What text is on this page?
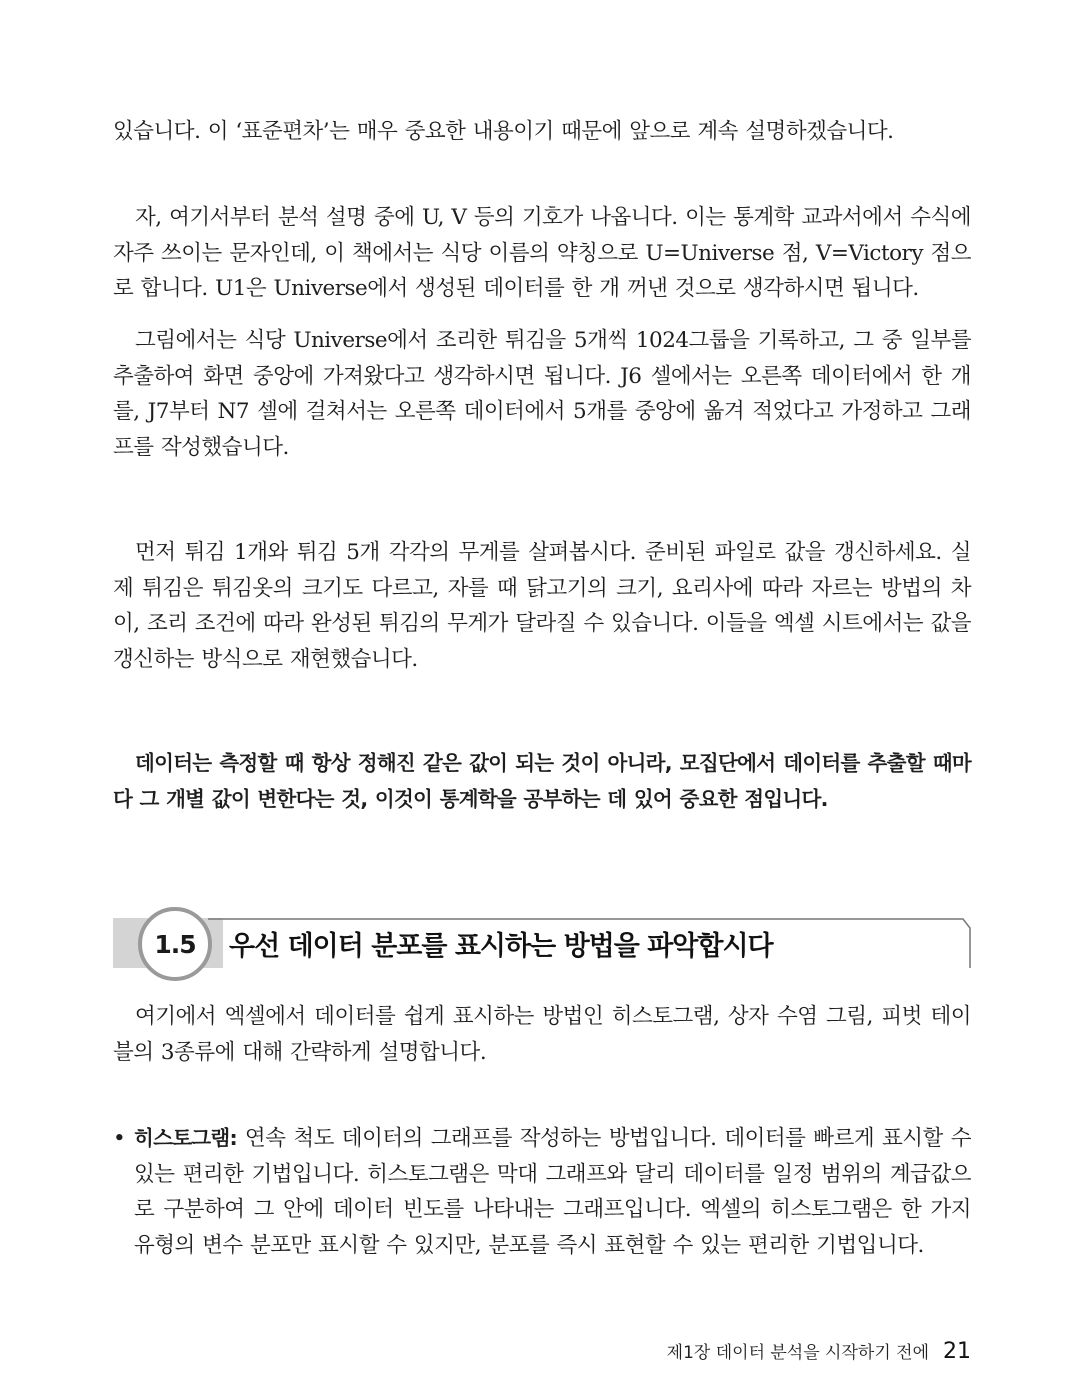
있습니다. 이 ‘표준편차’는 매우 중요한 내용이기 때문에 앞으로 계속 설명하겠습니다.

자, 여기서부터 분석 설명 중에 U, V 등의 기호가 나옵니다. 이는 통계학 교과서에서 수식에 자주 쓰이는 문자인데, 이 책에서는 식당 이름의 약칭으로 U=Universe 점, V=Victory 점으로 합니다. U1은 Universe에서 생성된 데이터를 한 개 꺼낸 것으로 생각하시면 됩니다.

그림에서는 식당 Universe에서 조리한 튀김을 5개씩 1024그룹을 기록하고, 그 중 일부를 추출하여 화면 중앙에 가져왔다고 생각하시면 됩니다. J6 셀에서는 오른쪽 데이터에서 한 개를, J7부터 N7 셀에 걸쳐서는 오른쪽 데이터에서 5개를 중앙에 옮겨 적었다고 가정하고 그래프를 작성했습니다.

먼저 튀김 1개와 튀김 5개 각각의 무게를 살펴봅시다. 준비된 파일로 값을 갱신하세요. 실제 튀김은 튀김옷의 크기도 다르고, 자를 때 닭고기의 크기, 요리사에 따라 자르는 방법의 차이, 조리 조건에 따라 완성된 튀김의 무게가 달라질 수 있습니다. 이들을 엑셀 시트에서는 값을 갱신하는 방식으로 재현했습니다.

데이터는 측정할 때 항상 정해진 같은 값이 되는 것이 아니라, 모집단에서 데이터를 추출할 때마다 그 개별 값이 변한다는 것, 이것이 통계학을 공부하는 데 있어 중요한 점입니다.

1.5 우선 데이터 분포를 표시하는 방법을 파악합시다

여기에서 엑셀에서 데이터를 쉽게 표시하는 방법인 히스토그램, 상자 수염 그림, 피벗 테이블의 3종류에 대해 간략하게 설명합니다.

• 히스토그램: 연속 척도 데이터의 그래프를 작성하는 방법입니다. 데이터를 빠르게 표시할 수 있는 편리한 기법입니다. 히스토그램은 막대 그래프와 달리 데이터를 일정 범위의 계급값으로 구분하여 그 안에 데이터 빈도를 나타내는 그래프입니다. 엑셀의 히스토그램은 한 가지 유형의 변수 분포만 표시할 수 있지만, 분포를 즉시 표현할 수 있는 편리한 기법입니다.

제1장 데이터 분석을 시작하기 전에 21
